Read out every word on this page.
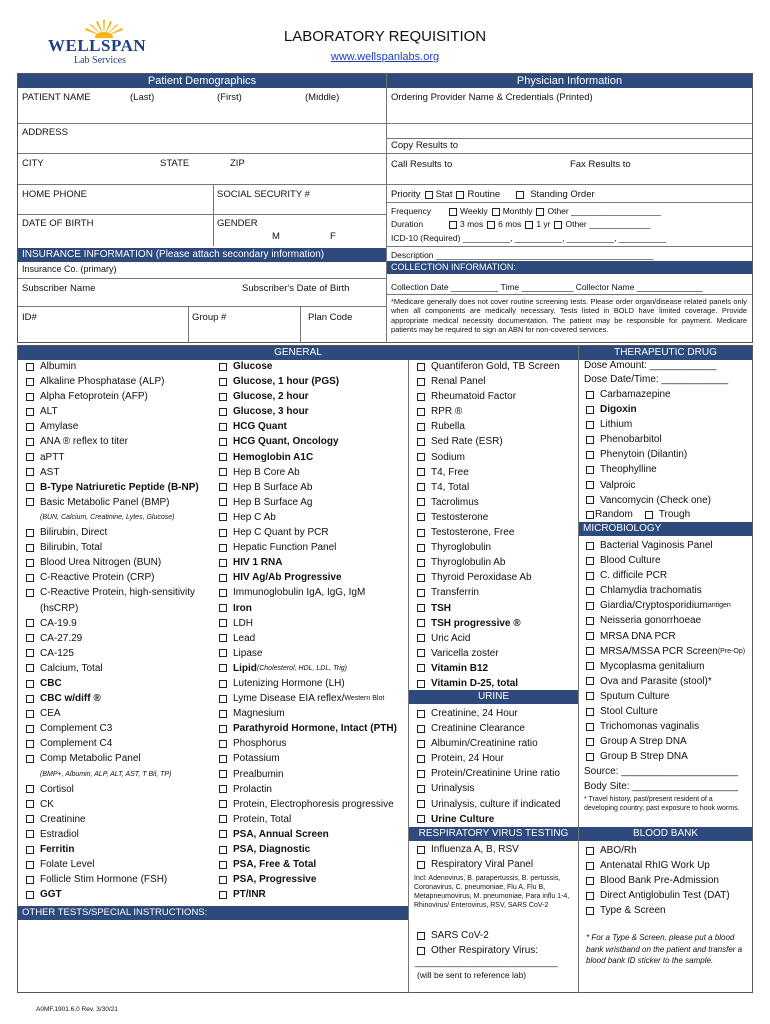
WELLSPAN
Lab Services
LABORATORY REQUISITION
www.wellspanlabs.org
Patient Demographics
PATIENT NAME	(Last)	(First)	(Middle)
ADDRESS
CITY	STATE	ZIP
HOME PHONE	SOCIAL SECURITY #
DATE OF BIRTH	GENDER
M	F
INSURANCE INFORMATION (Please attach secondary information)
Insurance Co. (primary)
Subscriber Name	Subscriber's Date of Birth
ID#	Group #	Plan Code
Physician Information
Ordering Provider Name & Credentials (Printed)
Copy Results to
Call Results to	Fax Results to
Priority Stat Routine	Standing Order
Frequency	Weekly Monthly Other ___________________
Duration	3 mos 6 mos 1 yr Other _____________
ICD-10 (Required) __________, __________, __________, __________
Description ______________________________________________
COLLECTION INFORMATION:
Collection Date __________ Time ___________ Collector Name ______________
*Medicare generally does not cover routine screening tests. Please order organ/disease related panels only when all components are medically necessary. Tests listed in BOLD have limited coverage. Provide appropriate medical necessity documentation. The patient may be responsible for payment. Medicare patients may be required to sign an ABN for non-covered services.
GENERAL
Albumin
Alkaline Phosphatase (ALP)
Alpha Fetoprotein (AFP)
ALT
Amylase
ANA ® reflex to titer
aPTT
AST
B-Type Natriuretic Peptide (B-NP)
Basic Metabolic Panel (BMP)
(BUN, Calcium, Creatinine, Lytes, Glucose)
Bilirubin, Direct
Bilirubin, Total
Blood Urea Nitrogen (BUN)
C-Reactive Protein (CRP)
C-Reactive Protein, high-sensitivity
(hsCRP)
CA-19.9
CA-27.29
CA-125
Calcium, Total
CBC
CBC w/diff ®
CEA
Complement C3
Complement C4
Comp Metabolic Panel
(BMP+, Albumin, ALP, ALT, AST, T Bil, TP)
Cortisol
CK
Creatinine
Estradiol
Ferritin
Folate Level
Follicle Stim Hormone (FSH)
GGT
Glucose
Glucose, 1 hour (PGS)
Glucose, 2 hour
Glucose, 3 hour
HCG Quant
HCG Quant, Oncology
Hemoglobin A1C
Hep B Core Ab
Hep B Surface Ab
Hep B Surface Ag
Hep C Ab
Hep C Quant by PCR
Hepatic Function Panel
HIV 1 RNA
HIV Ag/Ab Progressive
Immunoglobulin IgA, IgG, IgM
Iron
LDH
Lead
Lipase
Lipid (Cholesterol, HDL, LDL, Trig)
Lutenizing Hormone (LH)
Lyme Disease EIA reflex/ Western Blot
Magnesium
Parathyroid Hormone, Intact (PTH)
Phosphorus
Potassium
Prealbumin
Prolactin
Protein, Electrophoresis progressive
Protein, Total
PSA, Annual Screen
PSA, Diagnostic
PSA, Free & Total
PSA, Progressive
PT/INR
Quantiferon Gold, TB Screen
Renal Panel
Rheumatoid Factor
RPR ®
Rubella
Sed Rate (ESR)
Sodium
T4, Free
T4, Total
Tacrolimus
Testosterone
Testosterone, Free
Thyroglobulin
Thyroglobulin Ab
Thyroid Peroxidase Ab
Transferrin
TSH
TSH progressive ®
Uric Acid
Varicella zoster
Vitamin B12
Vitamin D-25, total
URINE
Creatinine, 24 Hour
Creatinine Clearance
Albumin/Creatinine ratio
Protein, 24 Hour
Protein/Creatinine Urine ratio
Urinalysis
Urinalysis, culture if indicated
Urine Culture
RESPIRATORY VIRUS TESTING
Influenza A, B, RSV
Respiratory Viral Panel
Incl: Adenovirus, B. parapertussis, B. pertussis, Coronavirus, C. pneumoniae, Flu A, Flu B, Metapneumovirus, M. pneumoniae, Para influ 1-4, Rhinovirus/ Enterovirus, RSV, SARS CoV-2
SARS CoV-2
Other Respiratory Virus:
___________________________
(will be sent to reference lab)
THERAPEUTIC DRUG
Dose Amount: ____________
Dose Date/Time: ____________
Carbamazepine
Digoxin
Lithium
Phenobarbitol
Phenytoin (Dilantin)
Theophylline
Valproic
Vancomycin (Check one)
Random	Trough
MICROBIOLOGY
Bacterial Vaginosis Panel
Blood Culture
C. difficile PCR
Chlamydia trachomatis
Giardia/Cryptosporidium antigen
Neisseria gonorrhoeae
MRSA DNA PCR
MRSA/MSSA PCR Screen (Pre-Op)
Mycoplasma genitalium
Ova and Parasite (stool)*
Sputum Culture
Stool Culture
Trichomonas vaginalis
Group A Strep DNA
Group B Strep DNA
Source: _____________________
Body Site: ___________________
* Travel history, past/present resident of a developing country, past exposure to hook worms.
BLOOD BANK
ABO/Rh
Antenatal RhIG Work Up
Blood Bank Pre-Admission
Direct Antiglobulin Test (DAT)
Type & Screen
* For a Type & Screen, please put a blood bank wristband on the patient and transfer a blood bank ID sticker to the sample.
OTHER TESTS/SPECIAL INSTRUCTIONS:
A0MF.1901.6.0 Rev. 3/30/21
